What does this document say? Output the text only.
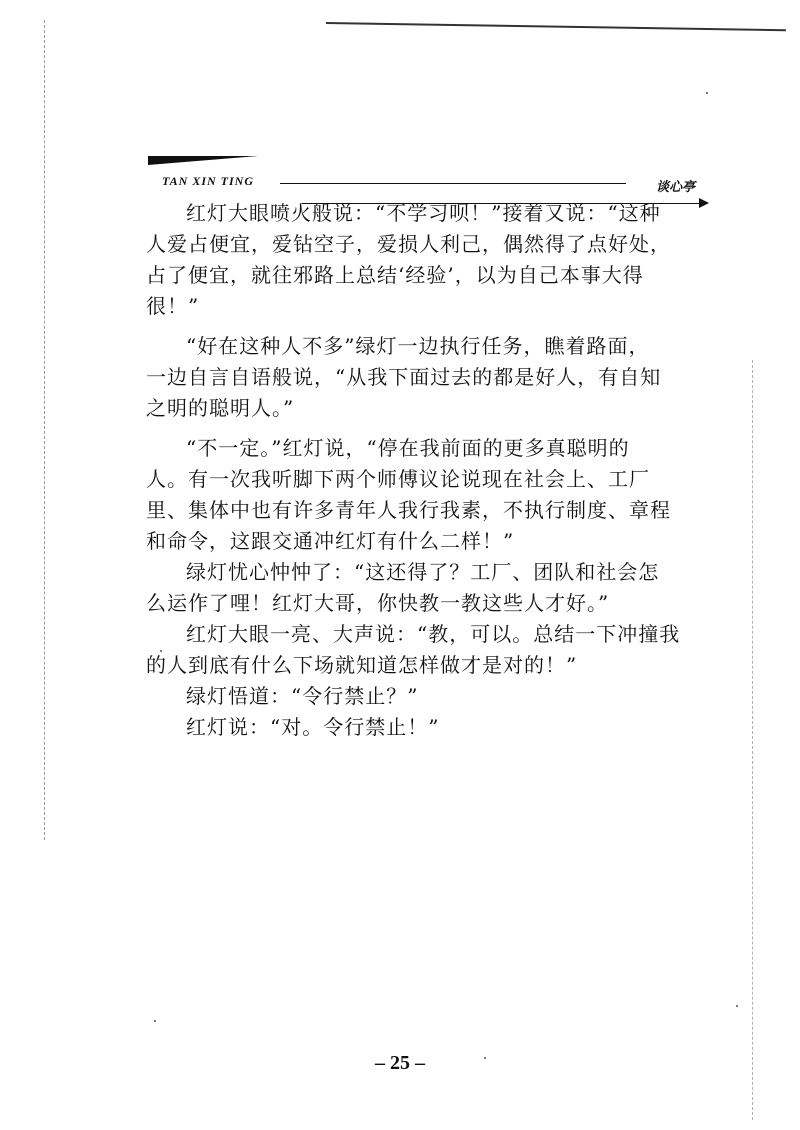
TAN XIN TING	谈心亭
红灯大眼喷火般说：“不学习呗！”接着又说：“这种
人爱占便宜，爱钻空子，爱损人利己，偶然得了点好处，
占了便宜，就往邪路上总结‘经验’，以为自己本事大得
很！”
“好在这种人不多”绿灯一边执行任务，瞧着路面，
一边自言自语般说，“从我下面过去的都是好人，有自知
之明的聪明人。”
“不一定。”红灯说，“停在我前面的更多真聪明的
人。有一次我听脚下两个师傅议论说现在社会上、工厂
里、集体中也有许多青年人我行我素，不执行制度、章程
和命令，这跟交通冲红灯有什么二样！”
绿灯忧心忡忡了：“这还得了？工厂、团队和社会怎
么运作了哩！红灯大哥，你快教一教这些人才好。”
红灯大眼一亮、大声说：“教，可以。总结一下冲撞我
的人到底有什么下场就知道怎样做才是对的！”
绿灯悟道：“令行禁止？”
红灯说：“对。令行禁止！”
– 25 –
